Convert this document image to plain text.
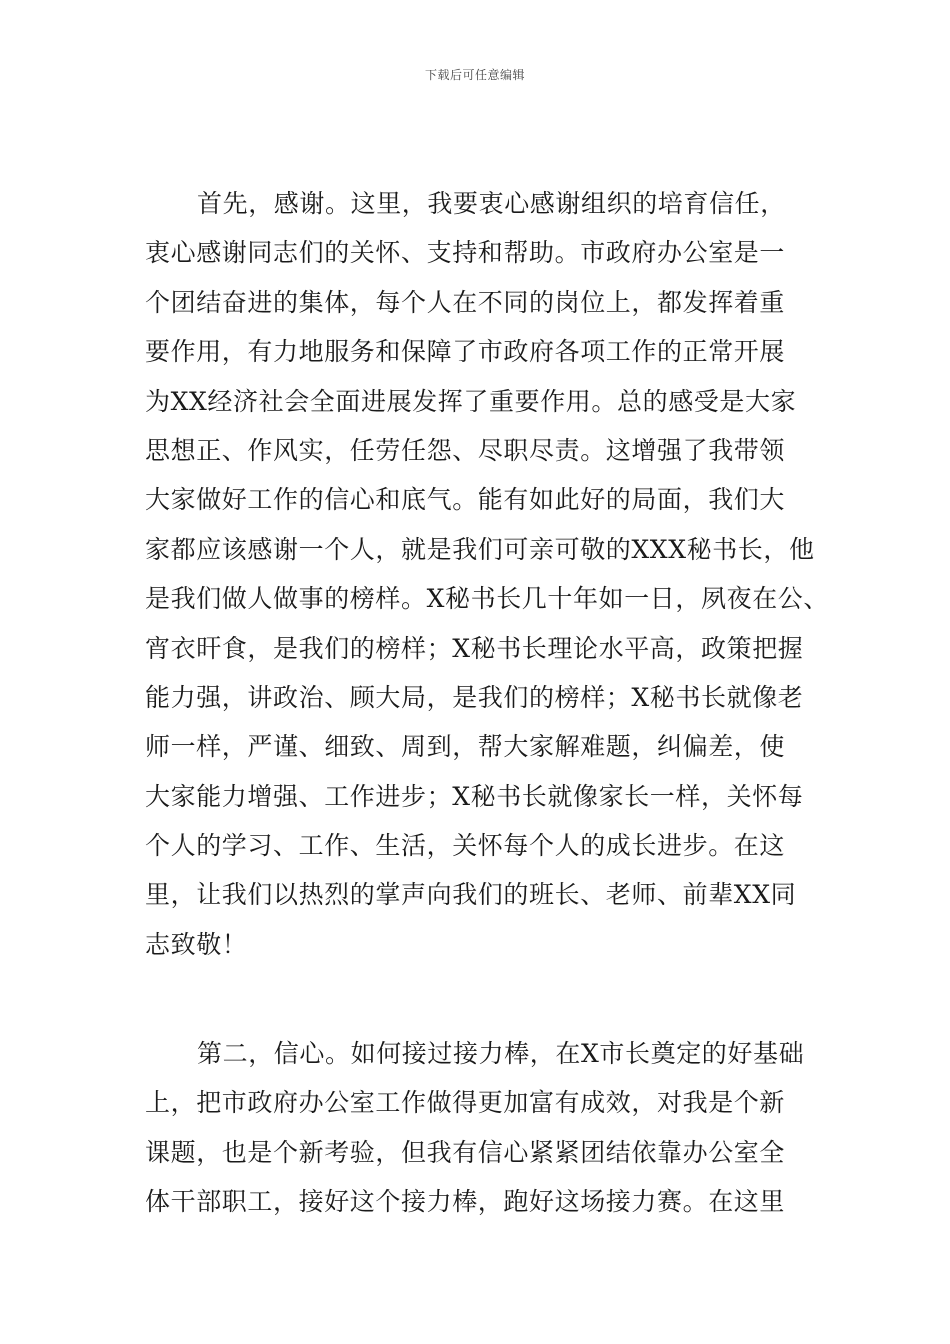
下载后可任意编辑
首先，感谢。这里，我要衷心感谢组织的培育信任，
衷心感谢同志们的关怀、支持和帮助。市政府办公室是一
个团结奋进的集体，每个人在不同的岗位上，都发挥着重
要作用，有力地服务和保障了市政府各项工作的正常开展
为XX经济社会全面进展发挥了重要作用。总的感受是大家
思想正、作风实，任劳任怨、尽职尽责。这增强了我带领
大家做好工作的信心和底气。能有如此好的局面，我们大
家都应该感谢一个人，就是我们可亲可敬的XXX秘书长，他
是我们做人做事的榜样。X秘书长几十年如一日，夙夜在公、
宵衣旰食，是我们的榜样；X秘书长理论水平高，政策把握
能力强，讲政治、顾大局，是我们的榜样；X秘书长就像老
师一样，严谨、细致、周到，帮大家解难题，纠偏差，使
大家能力增强、工作进步；X秘书长就像家长一样，关怀每
个人的学习、工作、生活，关怀每个人的成长进步。在这
里，让我们以热烈的掌声向我们的班长、老师、前辈XX同
志致敬！
第二，信心。如何接过接力棒，在X市长奠定的好基础
上，把市政府办公室工作做得更加富有成效，对我是个新
课题，也是个新考验，但我有信心紧紧团结依靠办公室全
体干部职工，接好这个接力棒，跑好这场接力赛。在这里
